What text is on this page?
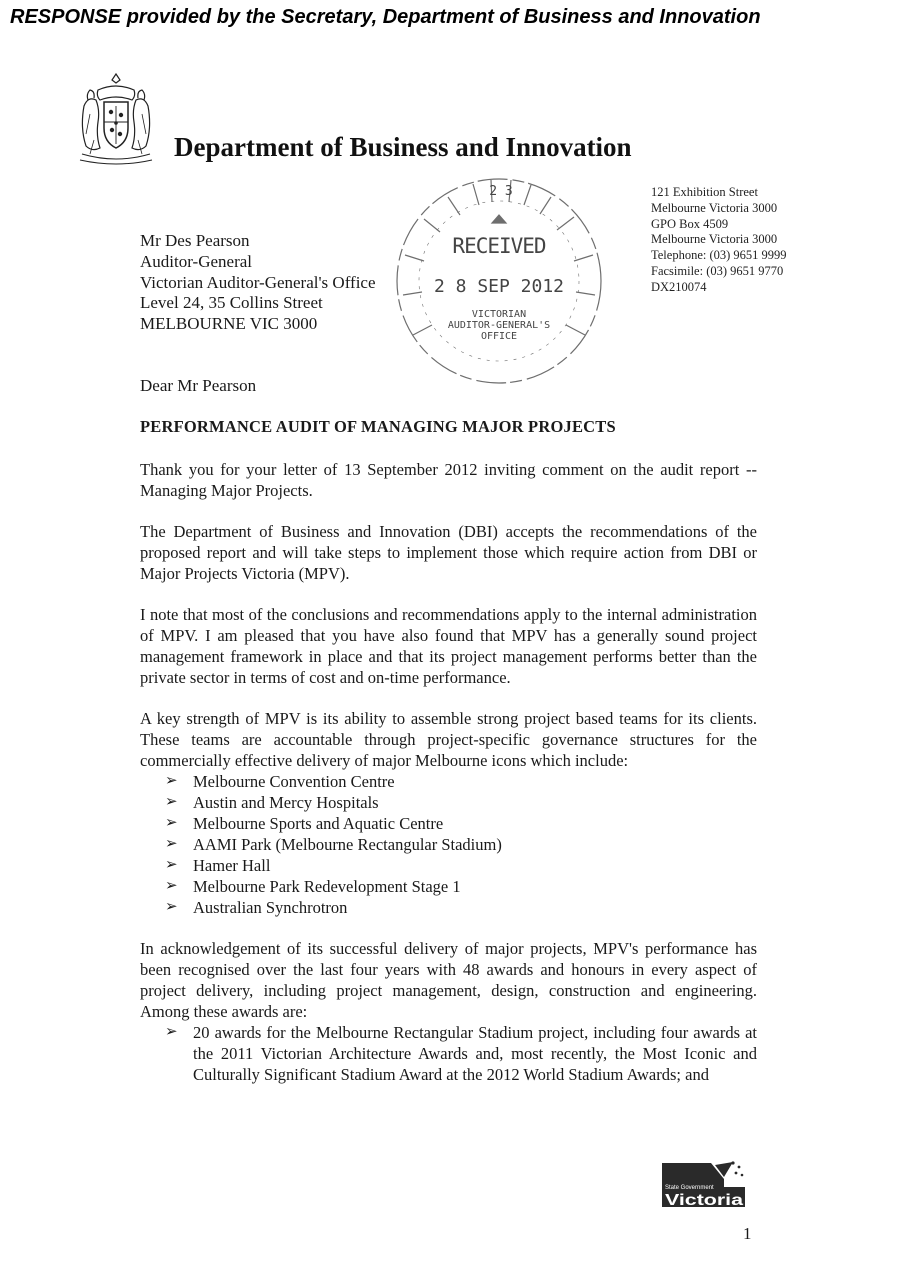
RESPONSE provided by the Secretary, Department of Business and Innovation
Department of Business and Innovation
121 Exhibition Street
Melbourne Victoria 3000
GPO Box 4509
Melbourne Victoria 3000
Telephone: (03) 9651 9999
Facsimile: (03) 9651 9770
DX210074
2 3
RECEIVED
2 8 SEP 2012
VICTORIAN
AUDITOR-GENERAL'S
OFFICE
Mr Des Pearson
Auditor-General
Victorian Auditor-General's Office
Level 24, 35 Collins Street
MELBOURNE VIC 3000
Dear Mr Pearson
PERFORMANCE AUDIT OF MANAGING MAJOR PROJECTS

Thank you for your letter of 13 September 2012 inviting comment on the audit report -- Managing Major Projects.

The Department of Business and Innovation (DBI) accepts the recommendations of the proposed report and will take steps to implement those which require action from DBI or Major Projects Victoria (MPV).

I note that most of the conclusions and recommendations apply to the internal administration of MPV. I am pleased that you have also found that MPV has a generally sound project management framework in place and that its project management performs better than the private sector in terms of cost and on-time performance.

A key strength of MPV is its ability to assemble strong project based teams for its clients. These teams are accountable through project-specific governance structures for the commercially effective delivery of major Melbourne icons which include:

➢ Melbourne Convention Centre
➢ Austin and Mercy Hospitals
➢ Melbourne Sports and Aquatic Centre
➢ AAMI Park (Melbourne Rectangular Stadium)
➢ Hamer Hall
➢ Melbourne Park Redevelopment Stage 1
➢ Australian Synchrotron

In acknowledgement of its successful delivery of major projects, MPV's performance has been recognised over the last four years with 48 awards and honours in every aspect of project delivery, including project management, design, construction and engineering. Among these awards are:

➢ 20 awards for the Melbourne Rectangular Stadium project, including four awards at the 2011 Victorian Architecture Awards and, most recently, the Most Iconic and Culturally Significant Stadium Award at the 2012 World Stadium Awards; and
State Government
Victoria
1
